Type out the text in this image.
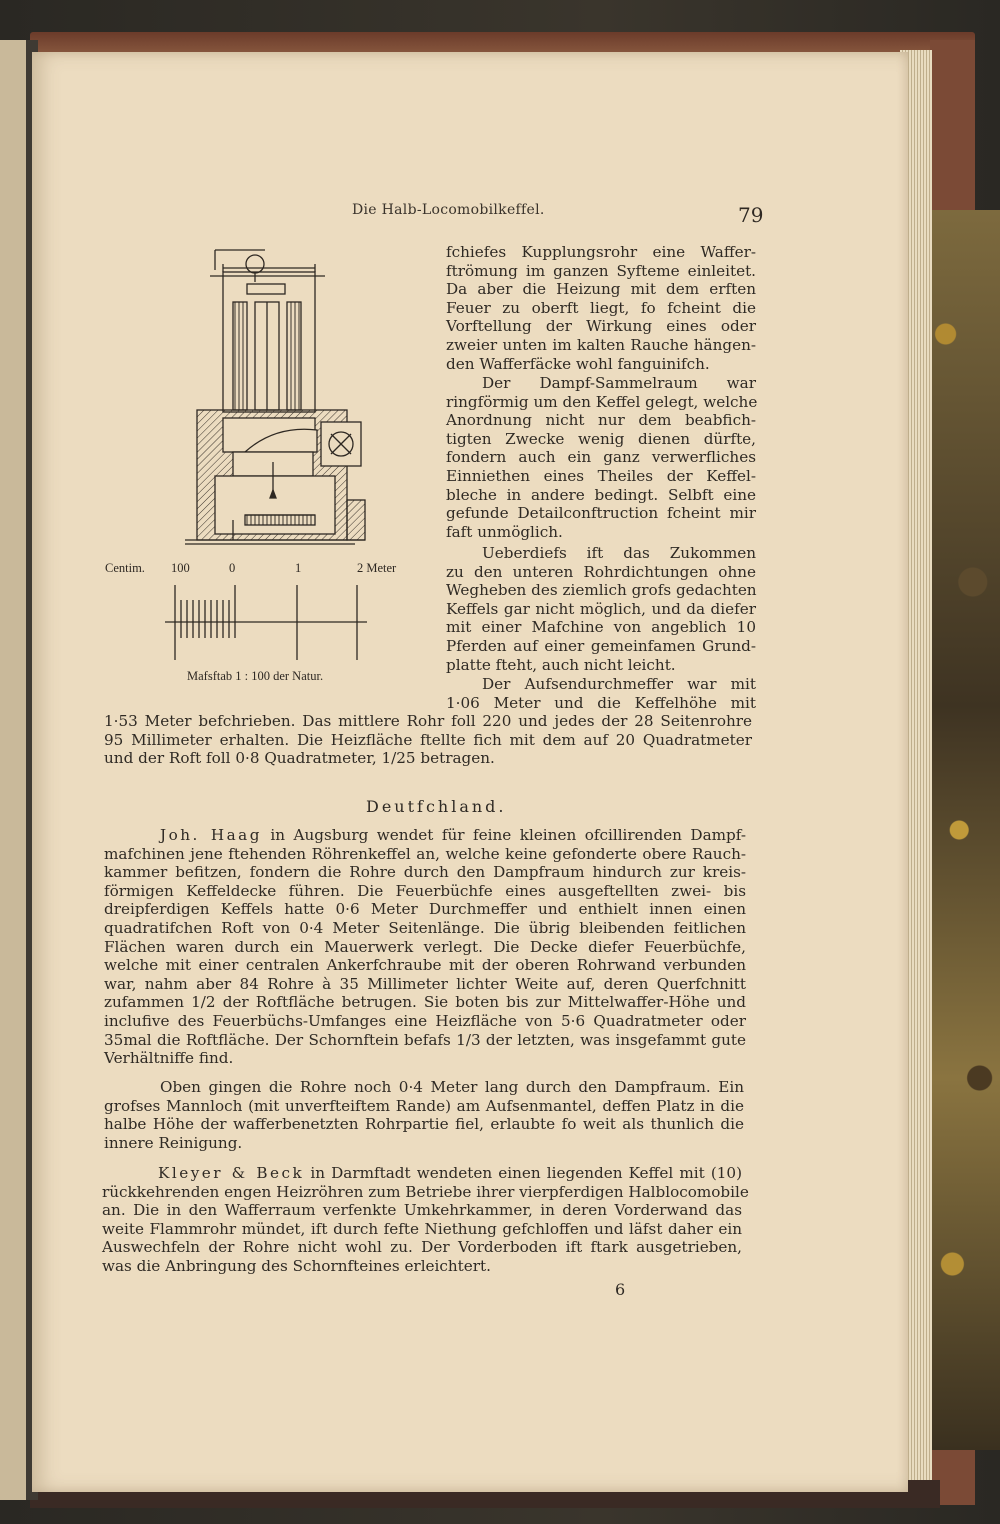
Die Halb-Locomobilkeffel.	79
Centim. 100	0	1	2 Meter
Mafsftab 1 : 100 der Natur.
fchiefes Kupplungsrohr eine Waffer-
ftrömung im ganzen Syfteme einleitet.
Da aber die Heizung mit dem erften
Feuer zu oberft liegt, fo fcheint die
Vorftellung der Wirkung eines oder
zweier unten im kalten Rauche hängen-
den Wafferfäcke wohl fanguinifch.
Der Dampf-Sammelraum war
ringförmig um den Keffel gelegt, welche
Anordnung nicht nur dem beabfich-
tigten Zwecke wenig dienen dürfte,
fondern auch ein ganz verwerfliches
Einniethen eines Theiles der Keffel-
bleche in andere bedingt. Selbft eine
gefunde Detailconftruction fcheint mir
faft unmöglich.
Ueberdiefs ift das Zukommen
zu den unteren Rohrdichtungen ohne
Wegheben des ziemlich grofs gedachten
Keffels gar nicht möglich, und da diefer
mit einer Mafchine von angeblich 10
Pferden auf einer gemeinfamen Grund-
platte fteht, auch nicht leicht.
Der Aufsendurchmeffer war mit
1·06 Meter und die Keffelhöhe mit
1·53 Meter befchrieben. Das mittlere Rohr foll 220 und jedes der 28 Seitenrohre
95 Millimeter erhalten. Die Heizfläche ftellte fich mit dem auf 20 Quadratmeter
und der Roft foll 0·8 Quadratmeter, 1/25 betragen.
Deutfchland.
Joh. Haag in Augsburg wendet für feine kleinen ofcillirenden Dampf-
mafchinen jene ftehenden Röhrenkeffel an, welche keine gefonderte obere Rauch-
kammer befitzen, fondern die Rohre durch den Dampfraum hindurch zur kreis-
förmigen Keffeldecke führen. Die Feuerbüchfe eines ausgeftellten zwei- bis
dreipferdigen Keffels hatte 0·6 Meter Durchmeffer und enthielt innen einen
quadratifchen Roft von 0·4 Meter Seitenlänge. Die übrig bleibenden feitlichen
Flächen waren durch ein Mauerwerk verlegt. Die Decke diefer Feuerbüchfe,
welche mit einer centralen Ankerfchraube mit der oberen Rohrwand verbunden
war, nahm aber 84 Rohre à 35 Millimeter lichter Weite auf, deren Querfchnitt
zufammen 1/2 der Roftfläche betrugen. Sie boten bis zur Mittelwaffer-Höhe und
inclufive des Feuerbüchs-Umfanges eine Heizfläche von 5·6 Quadratmeter oder
35mal die Roftfläche. Der Schornftein befafs 1/3 der letzten, was insgefammt gute
Verhältniffe find.
Oben gingen die Rohre noch 0·4 Meter lang durch den Dampfraum. Ein
grofses Mannloch (mit unverfteiftem Rande) am Aufsenmantel, deffen Platz in die
halbe Höhe der wafferbenetzten Rohrpartie fiel, erlaubte fo weit als thunlich die
innere Reinigung.
Kleyer & Beck in Darmftadt wendeten einen liegenden Keffel mit (10)
rückkehrenden engen Heizröhren zum Betriebe ihrer vierpferdigen Halblocomobile
an. Die in den Wafferraum verfenkte Umkehrkammer, in deren Vorderwand das
weite Flammrohr mündet, ift durch fefte Niethung gefchloffen und läfst daher ein
Auswechfeln der Rohre nicht wohl zu. Der Vorderboden ift ftark ausgetrieben,
was die Anbringung des Schornfteines erleichtert.
6
